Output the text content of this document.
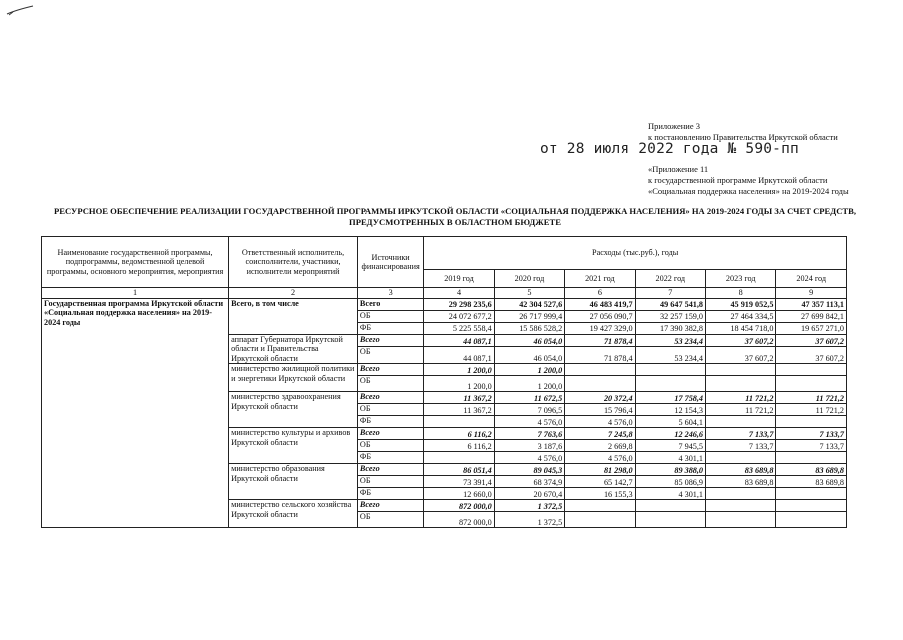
Приложение 3
к постановлению Правительства Иркутской области
от 28 июля 2022 года № 590-пп
«Приложение 11
к государственной программе Иркутской области
«Социальная поддержка населения» на 2019-2024 годы
РЕСУРСНОЕ ОБЕСПЕЧЕНИЕ РЕАЛИЗАЦИИ ГОСУДАРСТВЕННОЙ ПРОГРАММЫ ИРКУТСКОЙ ОБЛАСТИ «СОЦИАЛЬНАЯ ПОДДЕРЖКА НАСЕЛЕНИЯ» НА 2019-2024 ГОДЫ ЗА СЧЕТ СРЕДСТВ,
ПРЕДУСМОТРЕННЫХ В ОБЛАСТНОМ БЮДЖЕТЕ
Наименование государственной программы, подпрограммы, ведомственной целевой программы, основного мероприятия, мероприятия	Ответственный исполнитель, соисполнители, участники, исполнители мероприятий	Источники финансирования	Расходы (тыс.руб.), годы					
			2019 год	2020 год	2021 год	2022 год	2023 год	2024 год
1	2	3	4	5	6	7	8	9
Государственная программа Иркутской области «Социальная поддержка населения» на 2019-2024 годы	Всего, в том числе	Всего	29 298 235,6	42 304 527,6	46 483 419,7	49 647 541,8	45 919 052,5	47 357 113,1
		ОБ	24 072 677,2	26 717 999,4	27 056 090,7	32 257 159,0	27 464 334,5	27 699 842,1
		ФБ	5 225 558,4	15 586 528,2	19 427 329,0	17 390 382,8	18 454 718,0	19 657 271,0
	аппарат Губернатора Иркутской области и Правительства Иркутской области	Всего	44 087,1	46 054,0	71 878,4	53 234,4	37 607,2	37 607,2
		ОБ	44 087,1	46 054,0	71 878,4	53 234,4	37 607,2	37 607,2
	министерство жилищной политики и энергетики Иркутской области	Всего	1 200,0	1 200,0				
		ОБ	1 200,0	1 200,0				
	министерство здравоохранения Иркутской области	Всего	11 367,2	11 672,5	20 372,4	17 758,4	11 721,2	11 721,2
		ОБ	11 367,2	7 096,5	15 796,4	12 154,3	11 721,2	11 721,2
		ФБ		4 576,0	4 576,0	5 604,1		
	министерство культуры и архивов Иркутской области	Всего	6 116,2	7 763,6	7 245,8	12 246,6	7 133,7	7 133,7
		ОБ	6 116,2	3 187,6	2 669,8	7 945,5	7 133,7	7 133,7
		ФБ		4 576,0	4 576,0	4 301,1		
	министерство образования Иркутской области	Всего	86 051,4	89 045,3	81 298,0	89 388,0	83 689,8	83 689,8
		ОБ	73 391,4	68 374,9	65 142,7	85 086,9	83 689,8	83 689,8
		ФБ	12 660,0	20 670,4	16 155,3	4 301,1		
	министерство сельского хозяйства Иркутской области	Всего	872 000,0	1 372,5				
		ОБ	872 000,0	1 372,5				
